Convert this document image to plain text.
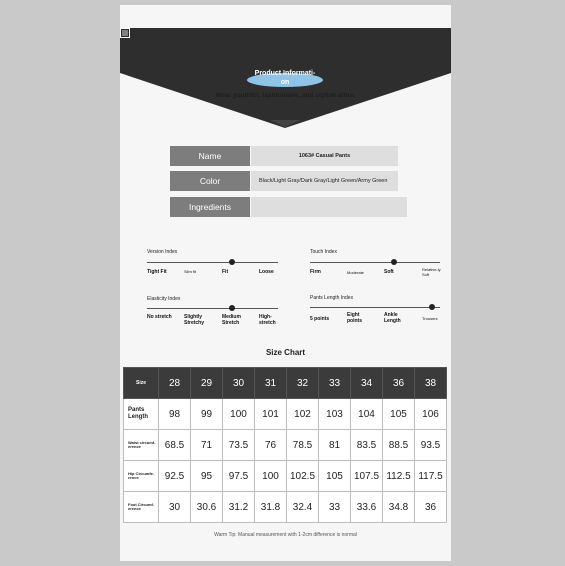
Product Informati-
on
Wear youthful, fashionable, and stylish attire.
Name	1063# Casual Pants
Color	Black/Light Gray/Dark Gray/Light Green/Army Green
Ingredients
Version Index
Tight Fit	Slim fit	Fit	Loose
Touch Index
Firm	Moderate	Soft	Relative-ly Soft
Elasticity Index
No stretch	Slightly Stretchy
Medium Stretch
High-stretch
Pants Length Index
5 points
Eight points
Ankle Length	Trousers
Size Chart
Size	28	29	30	31	32	33	34	36	38
Pants Length	98	99	100	101	102	103	104	105	106
Waist circumf-erence	68.5	71	73.5	76	78.5	81	83.5	88.5	93.5
Hip Circumfe-rence	92.5	95	97.5	100	102.5	105	107.5	112.5	117.5
Foot Circumf-erence	30	30.6	31.2	31.8	32.4	33	33.6	34.8	36
Warm Tip: Manual measurement with 1-2cm difference is normal
